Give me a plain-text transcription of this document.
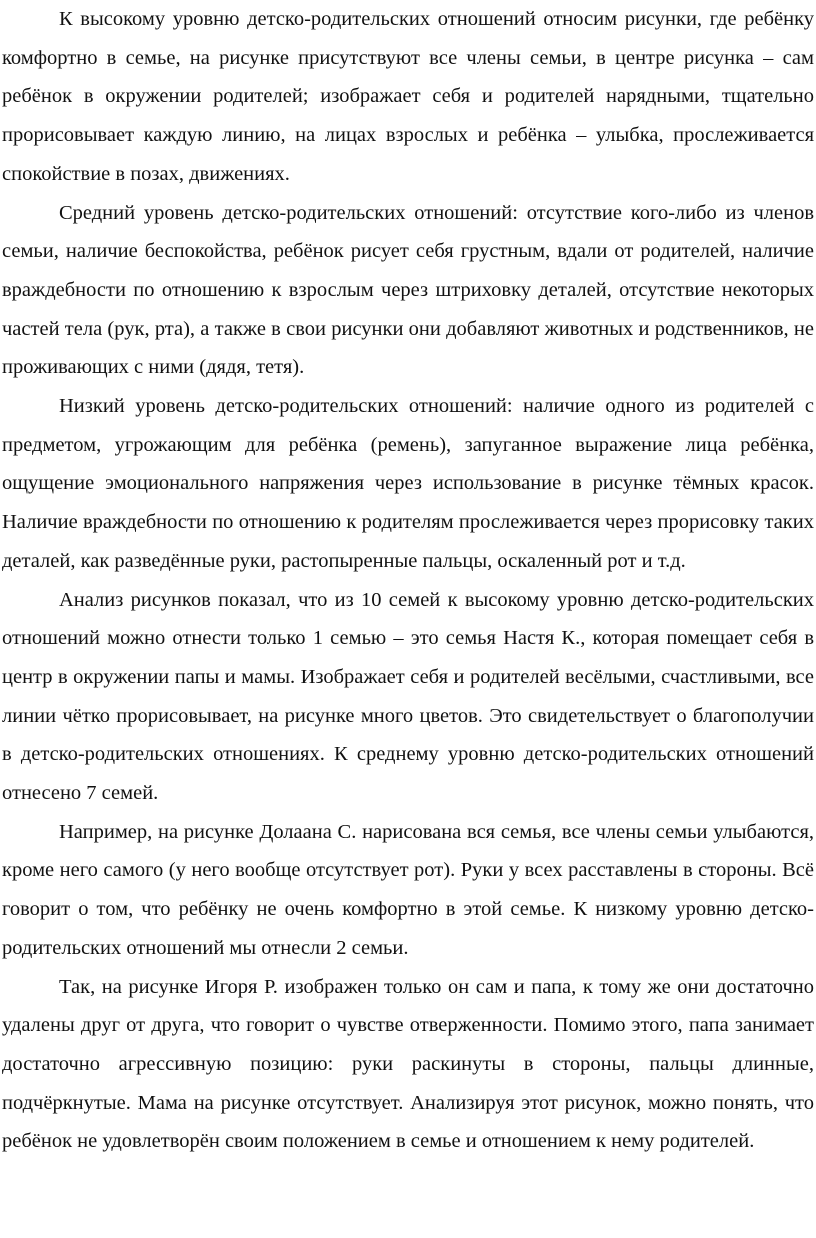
К высокому уровню детско-родительских отношений относим рисунки, где ребёнку комфортно в семье, на рисунке присутствуют все члены семьи, в центре рисунка – сам ребёнок в окружении родителей; изображает себя и родителей нарядными, тщательно прорисовывает каждую линию, на лицах взрослых и ребёнка – улыбка, прослеживается спокойствие в позах, движениях.

Средний уровень детско-родительских отношений: отсутствие кого-либо из членов семьи, наличие беспокойства, ребёнок рисует себя грустным, вдали от родителей, наличие враждебности по отношению к взрослым через штриховку деталей, отсутствие некоторых частей тела (рук, рта), а также в свои рисунки они добавляют животных и родственников, не проживающих с ними (дядя, тетя).

Низкий уровень детско-родительских отношений: наличие одного из родителей с предметом, угрожающим для ребёнка (ремень), запуганное выражение лица ребёнка, ощущение эмоционального напряжения через использование в рисунке тёмных красок. Наличие враждебности по отношению к родителям прослеживается через прорисовку таких деталей, как разведённые руки, растопыренные пальцы, оскаленный рот и т.д.

Анализ рисунков показал, что из 10 семей к высокому уровню детско-родительских отношений можно отнести только 1 семью – это семья Настя К., которая помещает себя в центр в окружении папы и мамы. Изображает себя и родителей весёлыми, счастливыми, все линии чётко прорисовывает, на рисунке много цветов. Это свидетельствует о благополучии в детско-родительских отношениях. К среднему уровню детско-родительских отношений отнесено 7 семей.

Например, на рисунке Долаана С. нарисована вся семья, все члены семьи улыбаются, кроме него самого (у него вообще отсутствует рот). Руки у всех расставлены в стороны. Всё говорит о том, что ребёнку не очень комфортно в этой семье. К низкому уровню детско-родительских отношений мы отнесли 2 семьи.

Так, на рисунке Игоря Р. изображен только он сам и папа, к тому же они достаточно удалены друг от друга, что говорит о чувстве отверженности. Помимо этого, папа занимает достаточно агрессивную позицию: руки раскинуты в стороны, пальцы длинные, подчёркнутые. Мама на рисунке отсутствует. Анализируя этот рисунок, можно понять, что ребёнок не удовлетворён своим положением в семье и отношением к нему родителей.
